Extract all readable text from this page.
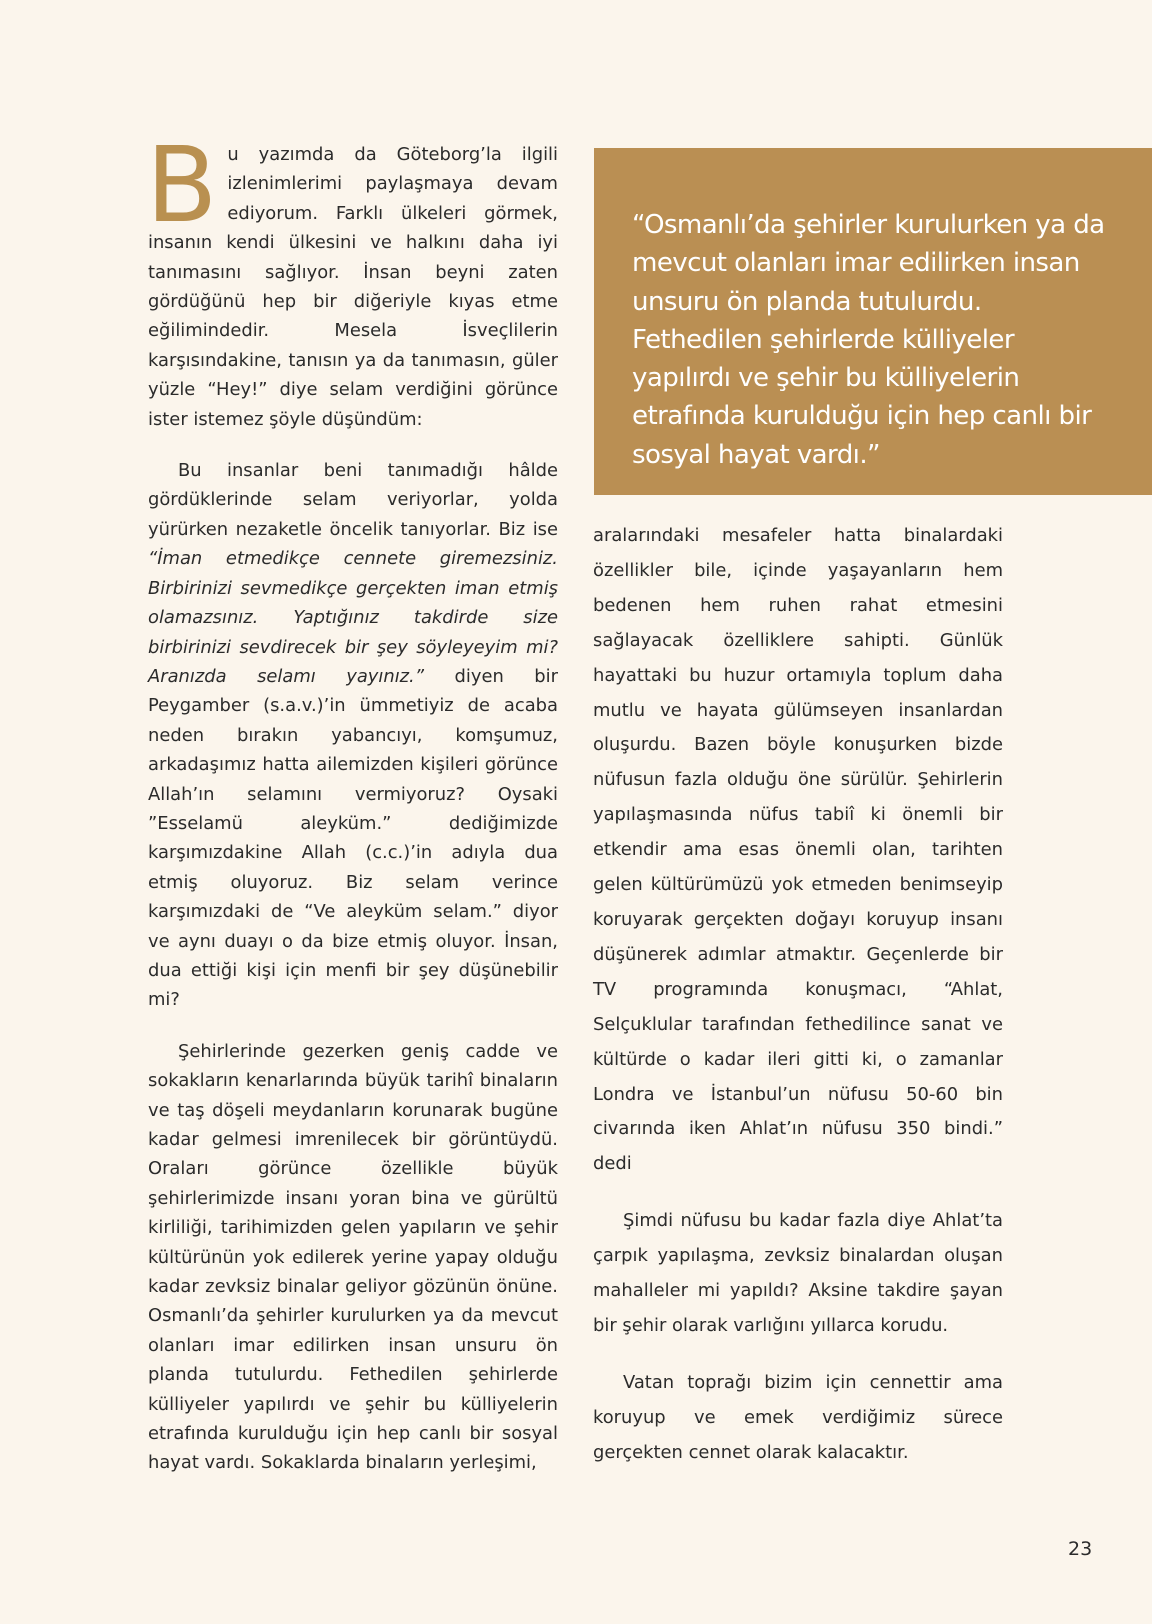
Bu yazımda da Göteborg’la ilgili izlenimlerimi paylaşmaya devam ediyorum. Farklı ülkeleri görmek, insanın kendi ülkesini ve halkını daha iyi tanımasını sağlıyor. İnsan beyni zaten gördüğünü hep bir diğeriyle kıyas etme eğilimindedir. Mesela İsveçlilerin karşısındakine, tanısın ya da tanımasın, güler yüzle “Hey!” diye selam verdiğini görünce ister istemez şöyle düşündüm:

Bu insanlar beni tanımadığı hâlde gördüklerinde selam veriyorlar, yolda yürürken nezaketle öncelik tanıyorlar. Biz ise “İman etmedikçe cennete giremezsiniz. Birbirinizi sevmedikçe gerçekten iman etmiş olamazsınız. Yaptığınız takdirde size birbirinizi sevdirecek bir şey söyleyeyim mi? Aranızda selamı yayınız.” diyen bir Peygamber (s.a.v.)’in ümmetiyiz de acaba neden bırakın yabancıyı, komşumuz, arkadaşımız hatta ailemizden kişileri görünce Allah’ın selamını vermiyoruz? Oysaki ”Esselamü aleyküm.” dediğimizde karşımızdakine Allah (c.c.)’in adıyla dua etmiş oluyoruz. Biz selam verince karşımızdaki de “Ve aleyküm selam.” diyor ve aynı duayı o da bize etmiş oluyor. İnsan, dua ettiği kişi için menfi bir şey düşünebilir mi?

Şehirlerinde gezerken geniş cadde ve sokakların kenarlarında büyük tarihî binaların ve taş döşeli meydanların korunarak bugüne kadar gelmesi imrenilecek bir görüntüydü. Oraları görünce özellikle büyük şehirlerimizde insanı yoran bina ve gürültü kirliliği, tarihimizden gelen yapıların ve şehir kültürünün yok edilerek yerine yapay olduğu kadar zevksiz binalar geliyor gözünün önüne. Osmanlı’da şehirler kurulurken ya da mevcut olanları imar edilirken insan unsuru ön planda tutulurdu. Fethedilen şehirlerde külliyeler yapılırdı ve şehir bu külliyelerin etrafında kurulduğu için hep canlı bir sosyal hayat vardı. Sokaklarda binaların yerleşimi,

“Osmanlı’da şehirler kurulurken ya da mevcut olanları imar edilirken insan unsuru ön planda tutulurdu. Fethedilen şehirlerde külliyeler yapılırdı ve şehir bu külliyelerin etrafında kurulduğu için hep canlı bir sosyal hayat vardı.”

aralarındaki mesafeler hatta binalardaki özellikler bile, içinde yaşayanların hem bedenen hem ruhen rahat etmesini sağlayacak özelliklere sahipti. Günlük hayattaki bu huzur ortamıyla toplum daha mutlu ve hayata gülümseyen insanlardan oluşurdu. Bazen böyle konuşurken bizde nüfusun fazla olduğu öne sürülür. Şehirlerin yapılaşmasında nüfus tabiî ki önemli bir etkendir ama esas önemli olan, tarihten gelen kültürümüzü yok etmeden benimseyip koruyarak gerçekten doğayı koruyup insanı düşünerek adımlar atmaktır. Geçenlerde bir TV programında konuşmacı, “Ahlat, Selçuklular tarafından fethedilince sanat ve kültürde o kadar ileri gitti ki, o zamanlar Londra ve İstanbul’un nüfusu 50-60 bin civarında iken Ahlat’ın nüfusu 350 bindi.” dedi

Şimdi nüfusu bu kadar fazla diye Ahlat’ta çarpık yapılaşma, zevksiz binalardan oluşan mahalleler mi yapıldı? Aksine takdire şayan bir şehir olarak varlığını yıllarca korudu.

Vatan toprağı bizim için cennettir ama koruyup ve emek verdiğimiz sürece gerçekten cennet olarak kalacaktır.

23
